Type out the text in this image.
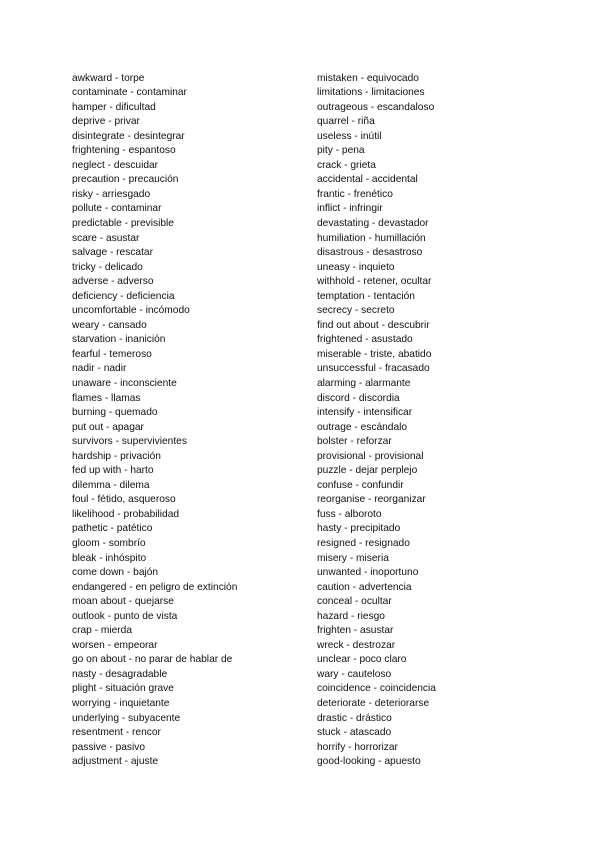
awkward - torpe
contaminate - contaminar
hamper - dificultad
deprive - privar
disintegrate - desintegrar
frightening - espantoso
neglect - descuidar
precaution - precaución
risky - arriesgado
pollute - contaminar
predictable - previsible
scare - asustar
salvage - rescatar
tricky - delicado
adverse - adverso
deficiency - deficiencia
uncomfortable - incómodo
weary - cansado
starvation - inanición
fearful - temeroso
nadir - nadir
unaware - inconsciente
flames - llamas
burning - quemado
put out - apagar
survivors - supervivientes
hardship - privación
fed up with - harto
dilemma - dilema
foul - fétido, asqueroso
likelihood - probabilidad
pathetic - patético
gloom - sombrío
bleak - inhóspito
come down - bajón
endangered - en peligro de extinción
moan about - quejarse
outlook - punto de vista
crap - mierda
worsen - empeorar
go on about - no parar de hablar de
nasty - desagradable
plight - situación grave
worrying - inquietante
underlying - subyacente
resentment - rencor
passive - pasivo
adjustment - ajuste
mistaken - equivocado
limitations - limitaciones
outrageous - escandaloso
quarrel - riña
useless - inútil
pity - pena
crack - grieta
accidental - accidental
frantic - frenético
inflict - infringir
devastating - devastador
humiliation - humillación
disastrous - desastroso
uneasy - inquieto
withhold - retener, ocultar
temptation - tentación
secrecy - secreto
find out about - descubrir
frightened - asustado
miserable - triste, abatido
unsuccessful - fracasado
alarming - alarmante
discord - discordia
intensify - intensificar
outrage - escándalo
bolster - reforzar
provisional - provisional
puzzle - dejar perplejo
confuse - confundir
reorganise - reorganizar
fuss - alboroto
hasty - precipitado
resigned - resignado
misery - miseria
unwanted - inoportuno
caution - advertencia
conceal - ocultar
hazard - riesgo
frighten - asustar
wreck - destrozar
unclear - poco claro
wary - cauteloso
coincidence - coincidencia
deteriorate - deteriorarse
drastic - drástico
stuck - atascado
horrify - horrorizar
good-looking - apuesto
